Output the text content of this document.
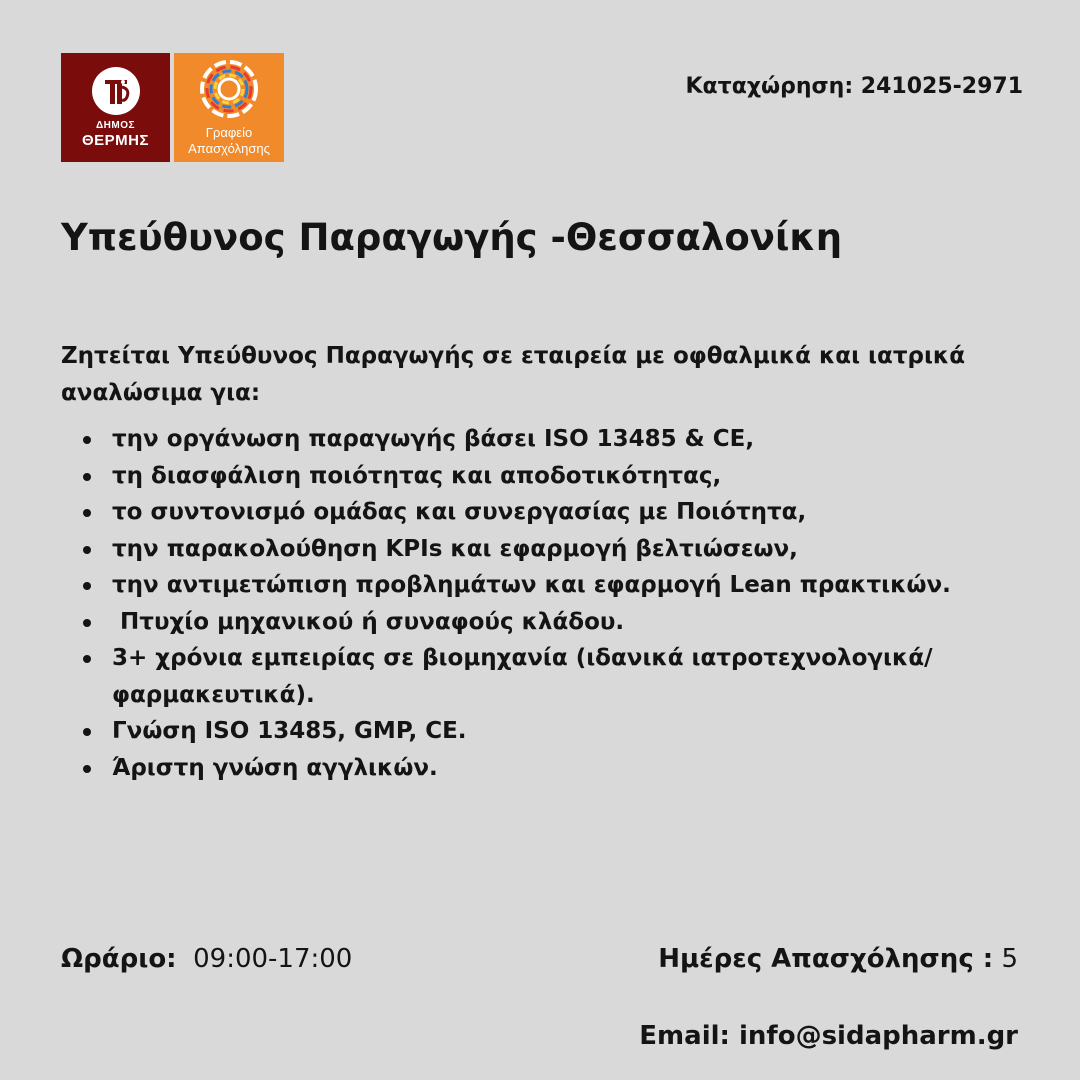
ΔΗΜΟΣ
ΘΕΡΜΗΣ	Γραφείο
Απασχόλησης
Καταχώρηση: 241025-2971
Υπεύθυνος Παραγωγής -Θεσσαλονίκη

Ζητείται Υπεύθυνος Παραγωγής σε εταιρεία με οφθαλμικά και ιατρικά αναλώσιμα για:

την οργάνωση παραγωγής βάσει ISO 13485 & CE,
τη διασφάλιση ποιότητας και αποδοτικότητας,
το συντονισμό ομάδας και συνεργασίας με Ποιότητα,
την παρακολούθηση KPIs και εφαρμογή βελτιώσεων,
την αντιμετώπιση προβλημάτων και εφαρμογή Lean πρακτικών.
Πτυχίο μηχανικού ή συναφούς κλάδου.
3+ χρόνια εμπειρίας σε βιομηχανία (ιδανικά ιατροτεχνολογικά/φαρμακευτικά).
Γνώση ISO 13485, GMP, CE.
Άριστη γνώση αγγλικών.
Ωράριο: 09:00-17:00	Ημέρες Απασχόλησης : 5
Email: info@sidapharm.gr
